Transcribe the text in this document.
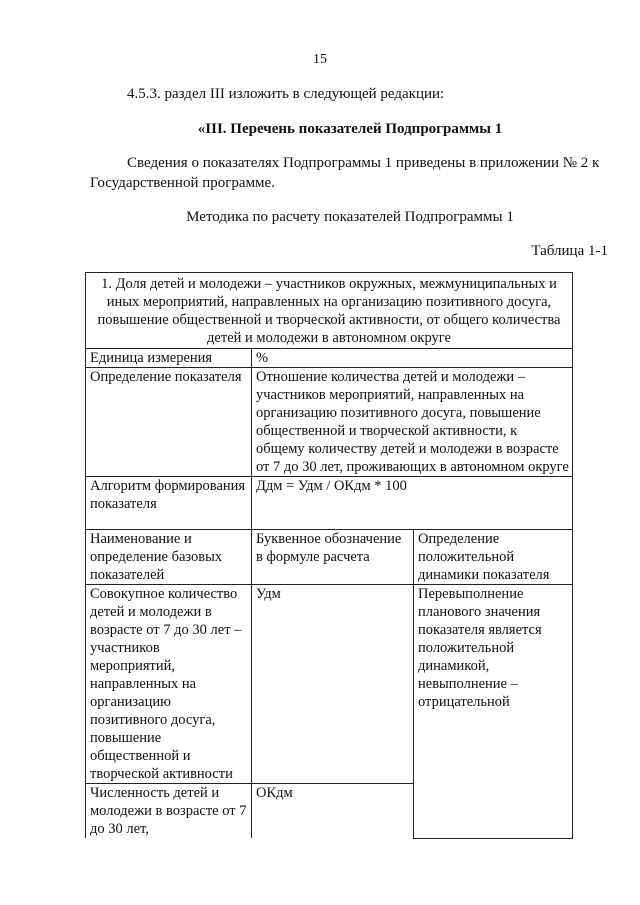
15

4.5.3. раздел III изложить в следующей редакции:

«III. Перечень показателей Подпрограммы 1

Сведения о показателях Подпрограммы 1 приведены в приложении № 2 к

Государственной программе.

Методика по расчету показателей Подпрограммы 1

Таблица 1-1

1. Доля детей и молодежи – участников окружных, межмуниципальных и иных мероприятий, направленных на организацию позитивного досуга, повышение общественной и творческой активности, от общего количества детей и молодежи в автономном округе		
Единица измерения	%	
Определение показателя	Отношение количества детей и молодежи – участников мероприятий, направленных на организацию позитивного досуга, повышение общественной и творческой активности, к общему количеству детей и молодежи в возрасте от 7 до 30 лет, проживающих в автономном округе	
Алгоритм формирования показателя	Ддм = Удм / ОКдм * 100	
Наименование и определение базовых показателей	Буквенное обозначение в формуле расчета	Определение положительной динамики показателя
Совокупное количество детей и молодежи в возрасте от 7 до 30 лет – участников мероприятий, направленных на организацию позитивного досуга, повышение общественной и творческой активности	Удм	Перевыполнение планового значения показателя является положительной динамикой, невыполнение – отрицательной
Численность детей и молодежи в возрасте от 7 до 30 лет,	ОКдм	
